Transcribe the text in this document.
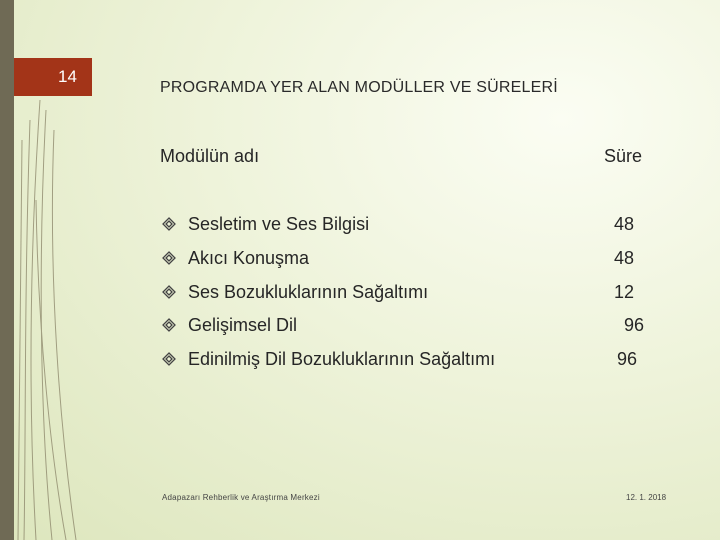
14
PROGRAMDA YER ALAN MODÜLLER VE SÜRELERİ
Modülün adı	Süre
Sesletim ve Ses Bilgisi	48
Akıcı Konuşma	48
Ses Bozukluklarının Sağaltımı	12
Gelişimsel Dil	96
Edinilmiş Dil Bozukluklarının Sağaltımı	96
Adapazarı Rehberlik ve Araştırma Merkezi	12. 1. 2018
